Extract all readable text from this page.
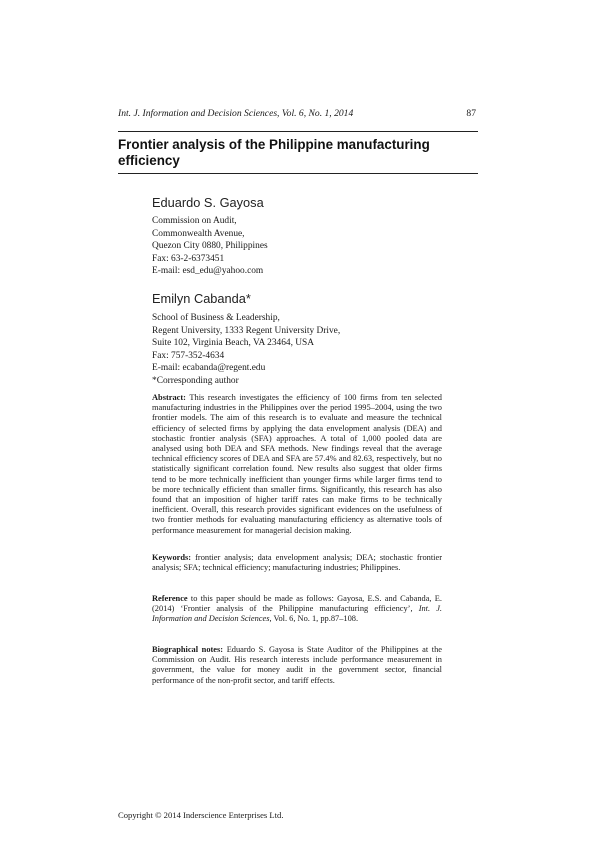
Int. J. Information and Decision Sciences, Vol. 6, No. 1, 2014	87
Frontier analysis of the Philippine manufacturing efficiency
Eduardo S. Gayosa
Commission on Audit,
Commonwealth Avenue,
Quezon City 0880, Philippines
Fax: 63-2-6373451
E-mail: esd_edu@yahoo.com
Emilyn Cabanda*
School of Business & Leadership,
Regent University, 1333 Regent University Drive,
Suite 102, Virginia Beach, VA 23464, USA
Fax: 757-352-4634
E-mail: ecabanda@regent.edu
*Corresponding author
Abstract: This research investigates the efficiency of 100 firms from ten selected manufacturing industries in the Philippines over the period 1995–2004, using the two frontier models. The aim of this research is to evaluate and measure the technical efficiency of selected firms by applying the data envelopment analysis (DEA) and stochastic frontier analysis (SFA) approaches. A total of 1,000 pooled data are analysed using both DEA and SFA methods. New findings reveal that the average technical efficiency scores of DEA and SFA are 57.4% and 82.63, respectively, but no statistically significant correlation found. New results also suggest that older firms tend to be more technically inefficient than younger firms while larger firms tend to be more technically efficient than smaller firms. Significantly, this research has also found that an imposition of higher tariff rates can make firms to be technically inefficient. Overall, this research provides significant evidences on the usefulness of two frontier methods for evaluating manufacturing efficiency as alternative tools of performance measurement for managerial decision making.
Keywords: frontier analysis; data envelopment analysis; DEA; stochastic frontier analysis; SFA; technical efficiency; manufacturing industries; Philippines.
Reference to this paper should be made as follows: Gayosa, E.S. and Cabanda, E. (2014) ‘Frontier analysis of the Philippine manufacturing efficiency’, Int. J. Information and Decision Sciences, Vol. 6, No. 1, pp.87–108.
Biographical notes: Eduardo S. Gayosa is State Auditor of the Philippines at the Commission on Audit. His research interests include performance measurement in government, the value for money audit in the government sector, financial performance of the non-profit sector, and tariff effects.
Copyright © 2014 Inderscience Enterprises Ltd.
